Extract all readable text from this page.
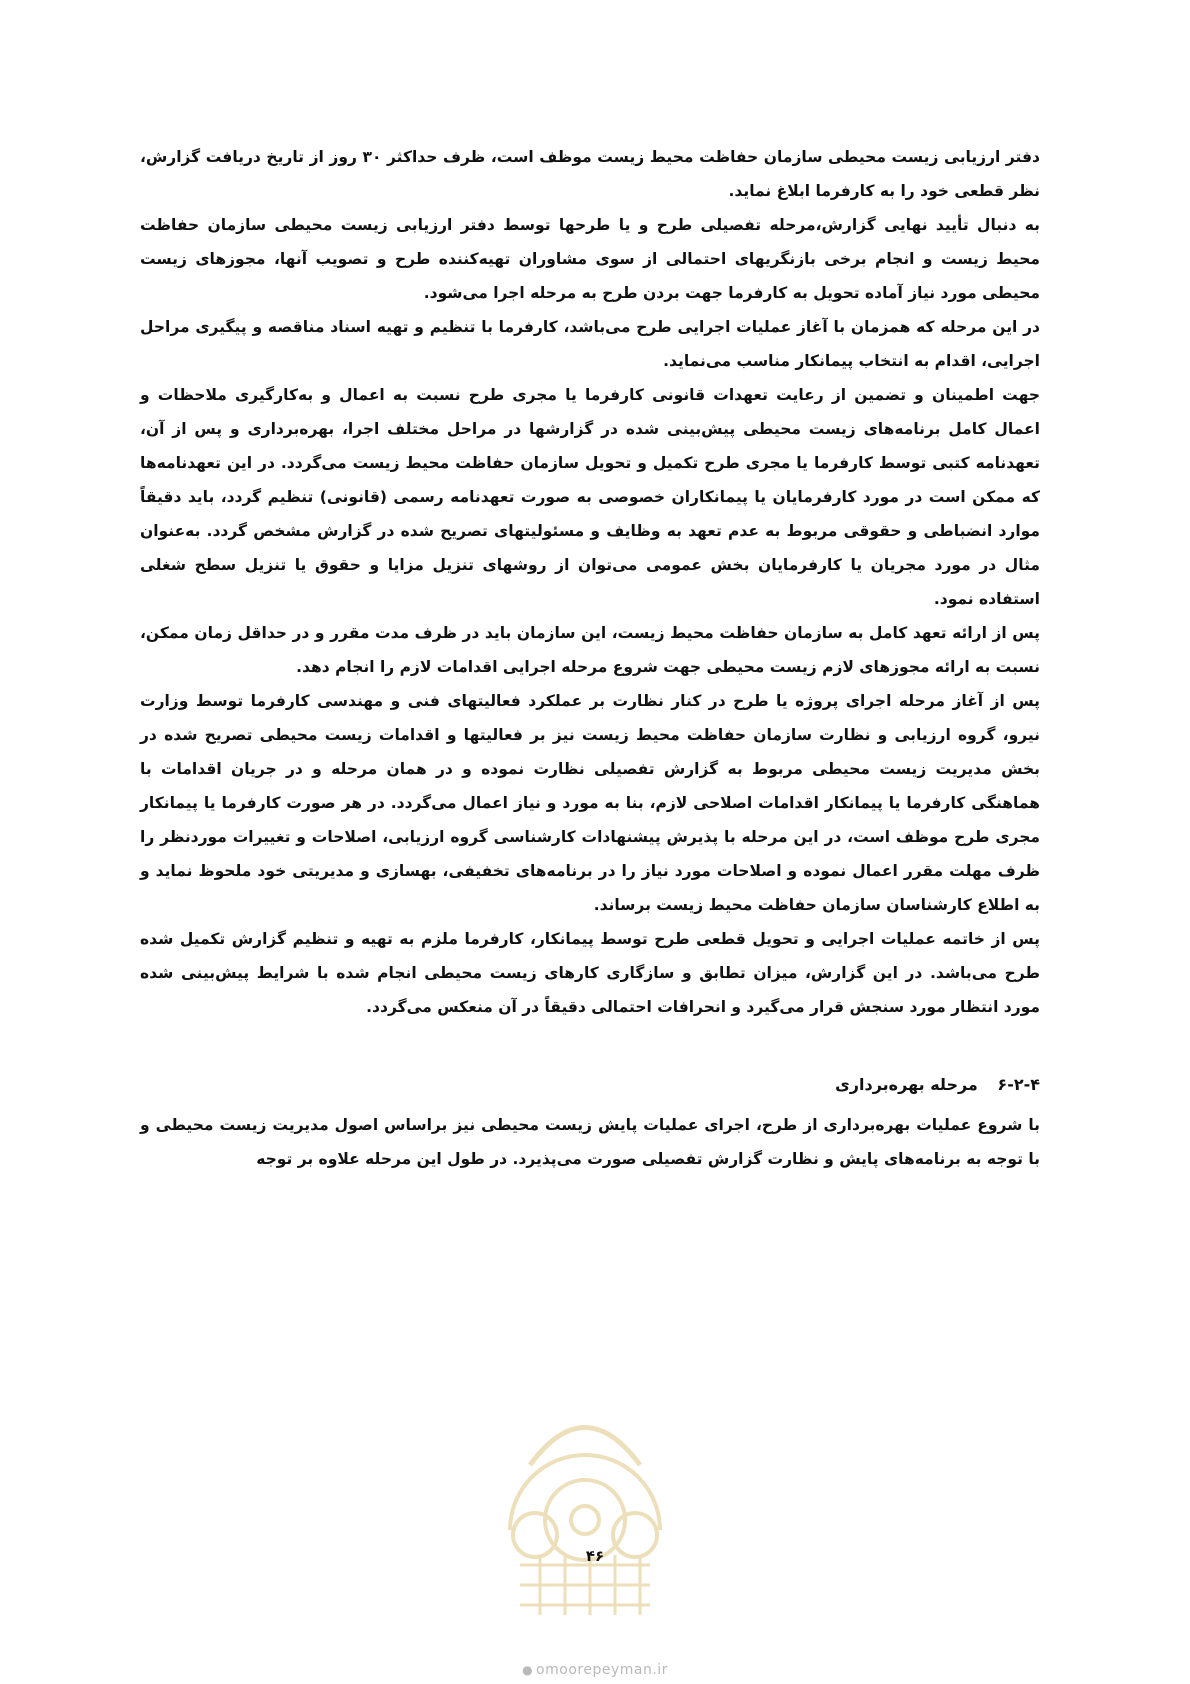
دفتر ارزیابی زیست محیطی سازمان حفاظت محیط زیست موظف است، ظرف حداکثر ۳۰ روز از تاریخ دریافت گزارش، نظر قطعی خود را به کارفرما ابلاغ نماید.

به دنبال تأیید نهایی گزارش،مرحله تفصیلی طرح و یا طرحها توسط دفتر ارزیابی زیست محیطی سازمان حفاظت محیط زیست و انجام برخی بازنگریهای احتمالی از سوی مشاوران تهیه‌کننده طرح و تصویب آنها، مجوزهای زیست محیطی مورد نیاز آماده تحویل به کارفرما جهت بردن طرح به مرحله اجرا می‌شود.

در این مرحله که همزمان با آغاز عملیات اجرایی طرح می‌باشد، کارفرما با تنظیم و تهیه اسناد مناقصه و پیگیری مراحل اجرایی، اقدام به انتخاب پیمانکار مناسب می‌نماید.

جهت اطمینان و تضمین از رعایت تعهدات قانونی کارفرما یا مجری طرح نسبت به اعمال و به‌کارگیری ملاحظات و اعمال کامل برنامه‌های زیست محیطی پیش‌بینی شده در گزارشها در مراحل مختلف اجرا، بهره‌برداری و پس از آن، تعهدنامه کتبی توسط کارفرما یا مجری طرح تکمیل و تحویل سازمان حفاظت محیط زیست می‌گردد. در این تعهدنامه‌ها که ممکن است در مورد کارفرمایان یا پیمانکاران خصوصی به صورت تعهدنامه رسمی (قانونی) تنظیم گردد، باید دقیقاً موارد انضباطی و حقوقی مربوط به عدم تعهد به وظایف و مسئولیتهای تصریح شده در گزارش مشخص گردد. به‌عنوان مثال در مورد مجریان یا کارفرمایان بخش عمومی می‌توان از روشهای تنزیل مزایا و حقوق یا تنزیل سطح شغلی استفاده نمود.

پس از ارائه تعهد کامل به سازمان حفاظت محیط زیست، این سازمان باید در ظرف مدت مقرر و در حداقل زمان ممکن، نسبت به ارائه مجوزهای لازم زیست محیطی جهت شروع مرحله اجرایی اقدامات لازم را انجام دهد.

پس از آغاز مرحله اجرای پروژه یا طرح در کنار نظارت بر عملکرد فعالیتهای فنی و مهندسی کارفرما توسط وزارت نیرو، گروه ارزیابی و نظارت سازمان حفاظت محیط زیست نیز بر فعالیتها و اقدامات زیست محیطی تصریح شده در بخش مدیریت زیست محیطی مربوط به گزارش تفصیلی نظارت نموده و در همان مرحله و در جریان اقدامات با هماهنگی کارفرما یا پیمانکار اقدامات اصلاحی لازم، بنا به مورد و نیاز اعمال می‌گردد. در هر صورت کارفرما یا پیمانکار مجری طرح موظف است، در این مرحله با پذیرش پیشنهادات کارشناسی گروه ارزیابی، اصلاحات و تغییرات موردنظر را ظرف مهلت مقرر اعمال نموده و اصلاحات مورد نیاز را در برنامه‌های تخفیفی، بهسازی و مدیریتی خود ملحوظ نماید و به اطلاع کارشناسان سازمان حفاظت محیط زیست برساند.

پس از خاتمه عملیات اجرایی و تحویل قطعی طرح توسط پیمانکار، کارفرما ملزم به تهیه و تنظیم گزارش تکمیل شده طرح می‌باشد. در این گزارش، میزان تطابق و سازگاری کارهای زیست محیطی انجام شده با شرایط پیش‌بینی شده مورد انتظار مورد سنجش قرار می‌گیرد و انحرافات احتمالی دقیقاً در آن منعکس می‌گردد.

۶-۲-۴ مرحله بهره‌برداری

با شروع عملیات بهره‌برداری از طرح، اجرای عملیات پایش زیست محیطی نیز براساس اصول مدیریت زیست محیطی و با توجه به برنامه‌های پایش و نظارت گزارش تفصیلی صورت می‌پذیرد. در طول این مرحله علاوه بر توجه

۴۶
● omoorepeyman.ir
